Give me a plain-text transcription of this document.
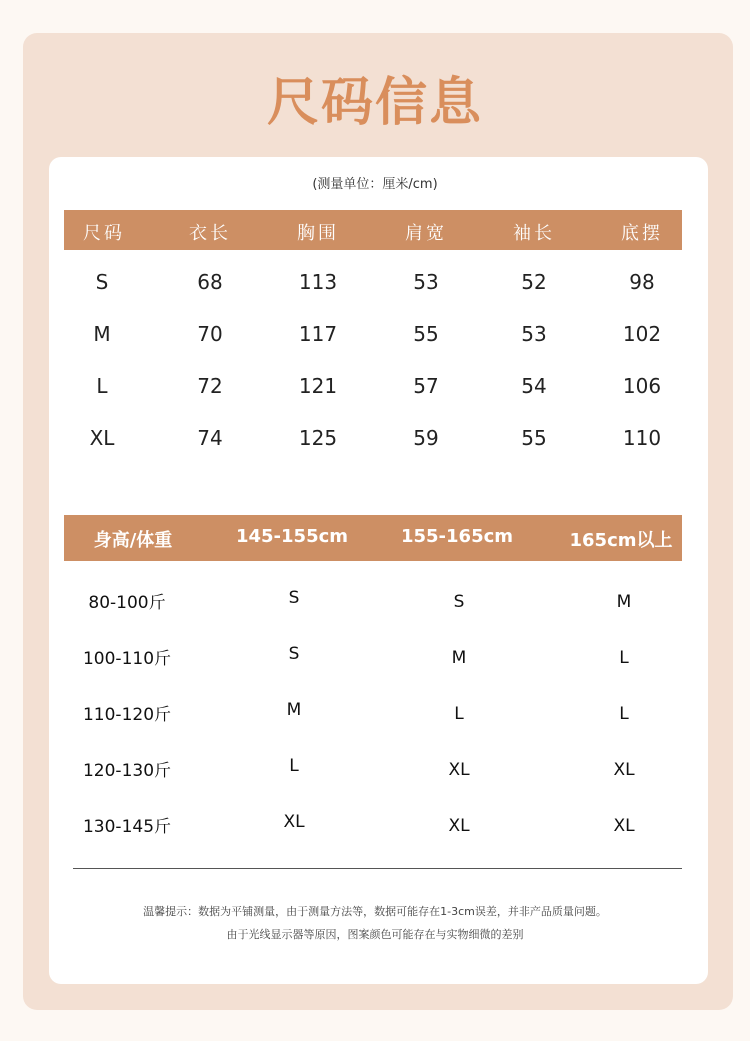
尺码信息
(测量单位：厘米/cm)
尺码	衣长	胸围	肩宽	袖长	底摆
S	68	113	53	52	98
M	70	117	55	53	102
L	72	121	57	54	106
XL	74	125	59	55	110
身高/体重	145-155cm	155-165cm	165cm以上
80-100斤	S	S	M
100-110斤	S	M	L
110-120斤	M	L	L
120-130斤	L	XL	XL
130-145斤	XL	XL	XL
温馨提示：数据为平铺测量，由于测量方法等，数据可能存在1-3cm误差，并非产品质量问题。
由于光线显示器等原因，图案颜色可能存在与实物细微的差别
